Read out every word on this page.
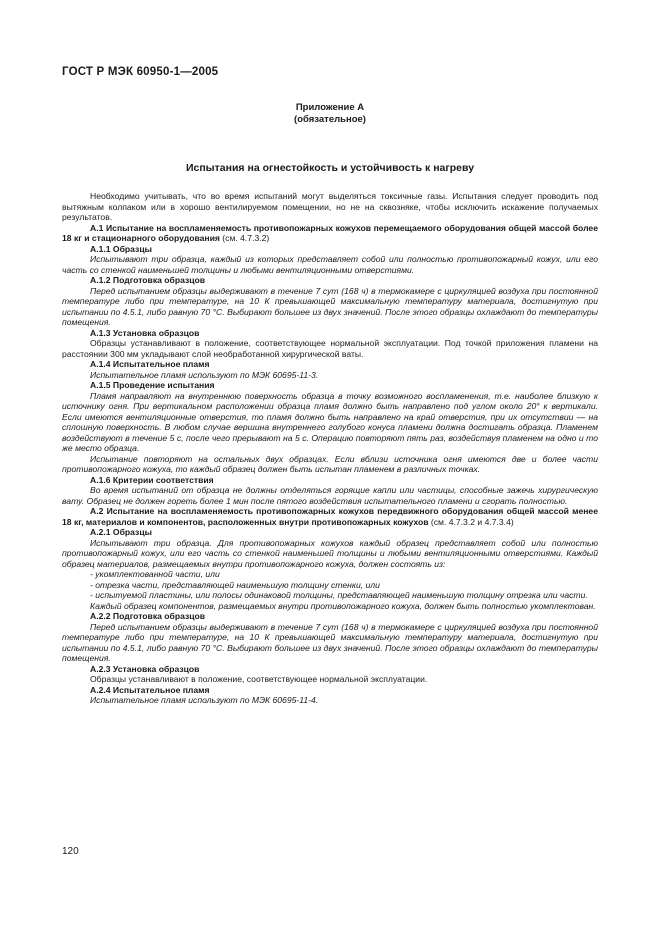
ГОСТ Р МЭК 60950-1—2005
Приложение А
(обязательное)
Испытания на огнестойкость и устойчивость к нагреву

Необходимо учитывать, что во время испытаний могут выделяться токсичные газы. Испытания следует проводить под вытяжным колпаком или в хорошо вентилируемом помещении, но не на сквозняке, чтобы исключить искажение получаемых результатов.

А.1 Испытание на воспламеняемость противопожарных кожухов перемещаемого оборудования общей массой более 18 кг и стационарного оборудования (см. 4.7.3.2)

А.1.1 Образцы

Испытывают три образца, каждый из которых представляет собой или полностью противопожарный кожух, или его часть со стенкой наименьшей толщины и любыми вентиляционными отверстиями.

А.1.2 Подготовка образцов

Перед испытанием образцы выдерживают в течение 7 сут (168 ч) в термокамере с циркуляцией воздуха при постоянной температуре либо при температуре, на 10 К превышающей максимальную температуру материала, достигнутую при испытании по 4.5.1, либо равную 70 °С. Выбирают большее из двух значений. После этого образцы охлаждают до температуры помещения.

А.1.3 Установка образцов

Образцы устанавливают в положение, соответствующее нормальной эксплуатации. Под точкой приложения пламени на расстоянии 300 мм укладывают слой необработанной хирургической ваты.

А.1.4 Испытательное пламя

Испытательное пламя используют по МЭК 60695-11-3.

А.1.5 Проведение испытания

Пламя направляют на внутреннюю поверхность образца в точку возможного воспламенения, т.е. наиболее близкую к источнику огня. При вертикальном расположении образца пламя должно быть направлено под углом около 20° к вертикали. Если имеются вентиляционные отверстия, то пламя должно быть направлено на край отверстия, при их отсутствии — на сплошную поверхность. В любом случае вершина внутреннего голубого конуса пламени должна достигать образца. Пламенем воздействуют в течение 5 с, после чего прерывают на 5 с. Операцию повторяют пять раз, воздействуя пламенем на одно и то же место образца.

Испытание повторяют на остальных двух образцах. Если вблизи источника огня имеются две и более части противопожарного кожуха, то каждый образец должен быть испытан пламенем в различных точках.

А.1.6 Критерии соответствия

Во время испытаний от образца не должны отделяться горящие капли или частицы, способные зажечь хирургическую вату. Образец не должен гореть более 1 мин после пятого воздействия испытательного пламени и сгорать полностью.

А.2 Испытание на воспламеняемость противопожарных кожухов передвижного оборудования общей массой менее 18 кг, материалов и компонентов, расположенных внутри противопожарных кожухов (см. 4.7.3.2 и 4.7.3.4)

А.2.1 Образцы

Испытывают три образца. Для противопожарных кожухов каждый образец представляет собой или полностью противопожарный кожух, или его часть со стенкой наименьшей толщины и любыми вентиляционными отверстиями. Каждый образец материалов, размещаемых внутри противопожарного кожуха, должен состоять из:

- укомплектованной части, или

- отрезка части, представляющей наименьшую толщину стенки, или

- испытуемой пластины, или полосы одинаковой толщины, представляющей наименьшую толщину отрезка или части.

Каждый образец компонентов, размещаемых внутри противопожарного кожуха, должен быть полностью укомплектован.

А.2.2 Подготовка образцов

Перед испытанием образцы выдерживают в течение 7 сут (168 ч) в термокамере с циркуляцией воздуха при постоянной температуре либо при температуре, на 10 К превышающей максимальную температуру материала, достигнутую при испытании по 4.5.1, либо равную 70 °С. Выбирают большее из двух значений. После этого образцы охлаждают до температуры помещения.

А.2.3 Установка образцов

Образцы устанавливают в положение, соответствующее нормальной эксплуатации.

А.2.4 Испытательное пламя

Испытательное пламя используют по МЭК 60695-11-4.

120
